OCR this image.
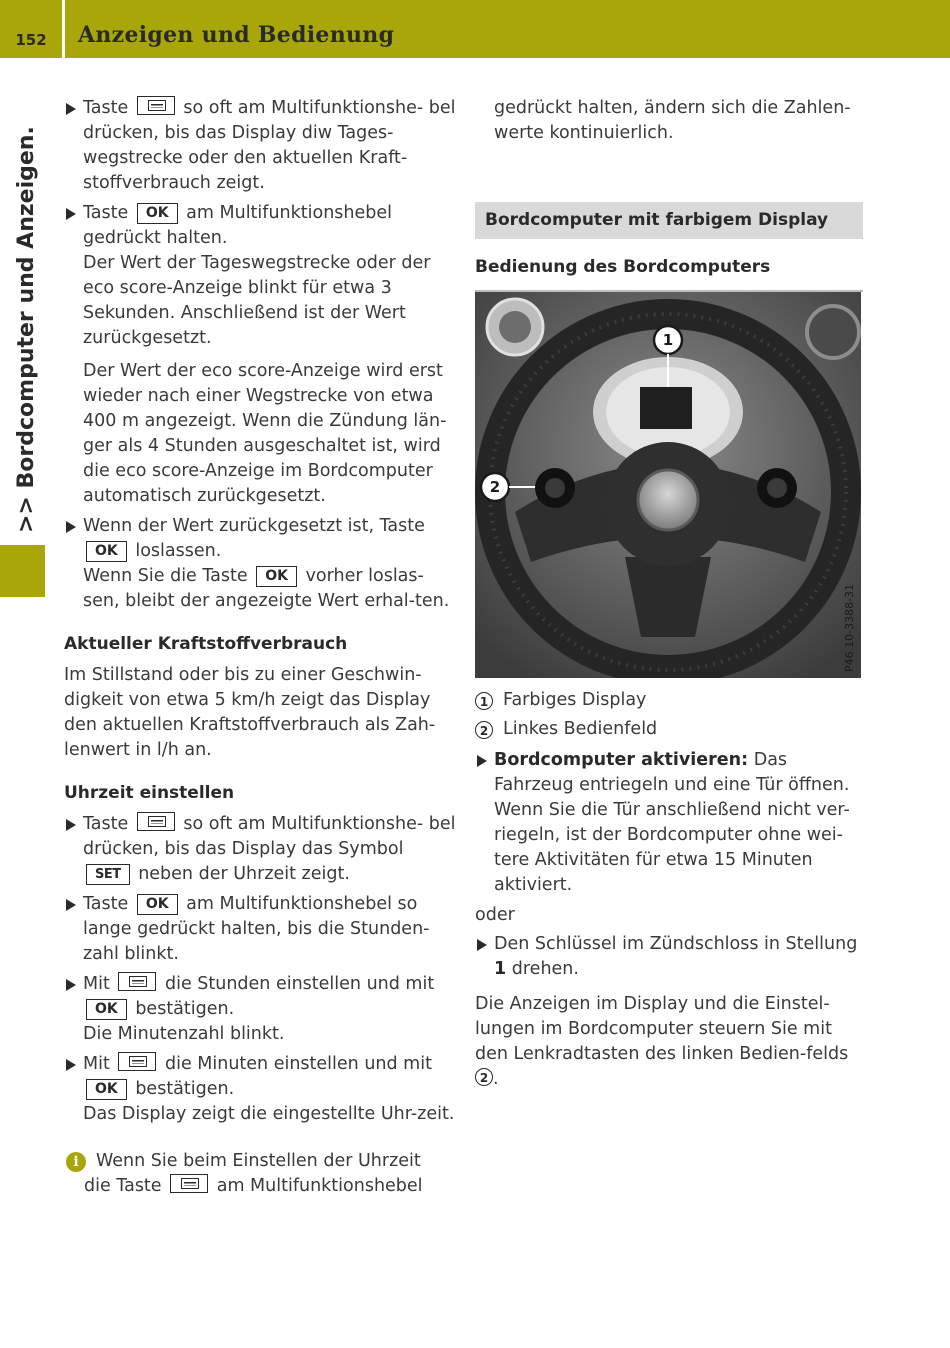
152	Anzeigen und Bedienung
>> Bordcomputer und Anzeigen.
Taste	so oft am Multifunktionshe- bel drücken, bis das Display diw Tages-wegstrecke oder den aktuellen Kraft-stoffverbrauch zeigt.
Taste OK am Multifunktionshebel gedrückt halten.

Der Wert der Tageswegstrecke oder der eco score-Anzeige blinkt für etwa 3 Sekunden. Anschließend ist der Wert zurückgesetzt.

Der Wert der eco score-Anzeige wird erst wieder nach einer Wegstrecke von etwa 400 m angezeigt. Wenn die Zündung län-ger als 4 Stunden ausgeschaltet ist, wird die eco score-Anzeige im Bordcomputer automatisch zurückgesetzt.

Wenn der Wert zurückgesetzt ist, Taste
OK loslassen.
Wenn Sie die Taste OK vorher loslas-sen, bleibt der angezeigte Wert erhal-ten.
Aktueller Kraftstoffverbrauch

Im Stillstand oder bis zu einer Geschwin-digkeit von etwa 5 km/h zeigt das Display den aktuellen Kraftstoffverbrauch als Zah-lenwert in l/h an.

Uhrzeit einstellen
Taste	so oft am Multifunktionshe- bel drücken, bis das Display das Symbol
SET neben der Uhrzeit zeigt.
Taste OK am Multifunktionshebel so lange gedrückt halten, bis die Stunden-zahl blinkt.
Mit	die Stunden einstellen und mit
OK bestätigen.

Die Minutenzahl blinkt.

Mit	die Minuten einstellen und mit
OK bestätigen.

Das Display zeigt die eingestellte Uhr-zeit.

i Wenn Sie beim Einstellen der Uhrzeit
die Taste	am Multifunktionshebel

gedrückt halten, ändern sich die Zahlen-werte kontinuierlich.

Bordcomputer mit farbigem Display
Bedienung des Bordcomputers
1
2
P46.10-3388-31
1 Farbiges Display
2 Linkes Bedienfeld
Bordcomputer aktivieren: Das Fahrzeug entriegeln und eine Tür öffnen.

Wenn Sie die Tür anschließend nicht ver-riegeln, ist der Bordcomputer ohne wei-tere Aktivitäten für etwa 15 Minuten aktiviert.

oder

Den Schlüssel im Zündschloss in Stellung 1 drehen.

Die Anzeigen im Display und die Einstel-lungen im Bordcomputer steuern Sie mit den Lenkradtasten des linken Bedien-felds 2 .
